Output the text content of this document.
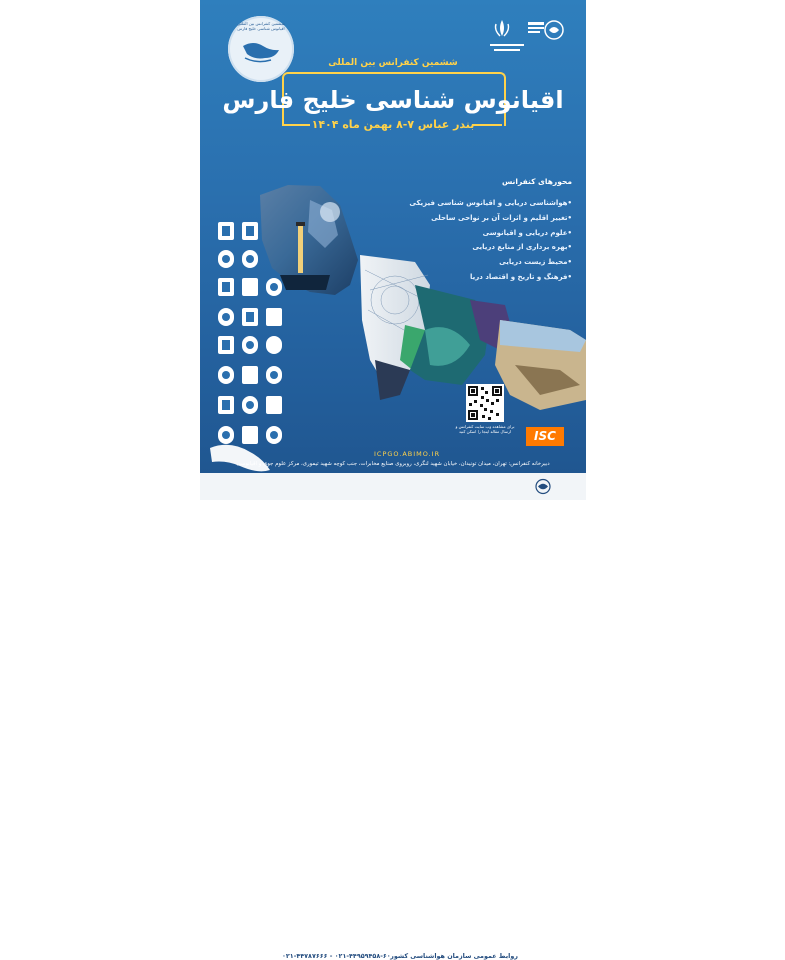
ششمین کنفرانس بین المللی اقیانوس شناسی خلیج فارس
ششمین کنفرانس بین المللی
اقیانوس شناسی خلیج فارس
بندر عباس ۷-۸ بهمن ماه ۱۴۰۴
محورهای کنفرانس
•هواشناسی دریایی و اقیانوس شناسی فیزیکی
•تغییر اقلیم و اثرات آن بر نواحی ساحلی
•علوم دریایی و اقیانوسی
•بهره برداری از منابع دریایی
•محیط زیست دریایی
•فرهنگ و تاریخ و اقتصاد دریا
برای مشاهده وب سایت کنفرانس و ارسال مقاله اینجا را اسکن کنید	ISC
ICPGO.ABIMO.IR
دبیرخانه کنفرانس: تهران، میدان تونیدان، خیابان شهید لنگری، روبروی صنایع مخابرات، جنب کوچه شهید تیموری، مرکز علوم جوی و اقیانوسی
۰۲۱-۴۴۷۸۷۶۶۶ - ۰۲۱-۴۴۹۵۹۴۵۸-۶۰ روابط عمومی سازمان هواشناسی کشور
